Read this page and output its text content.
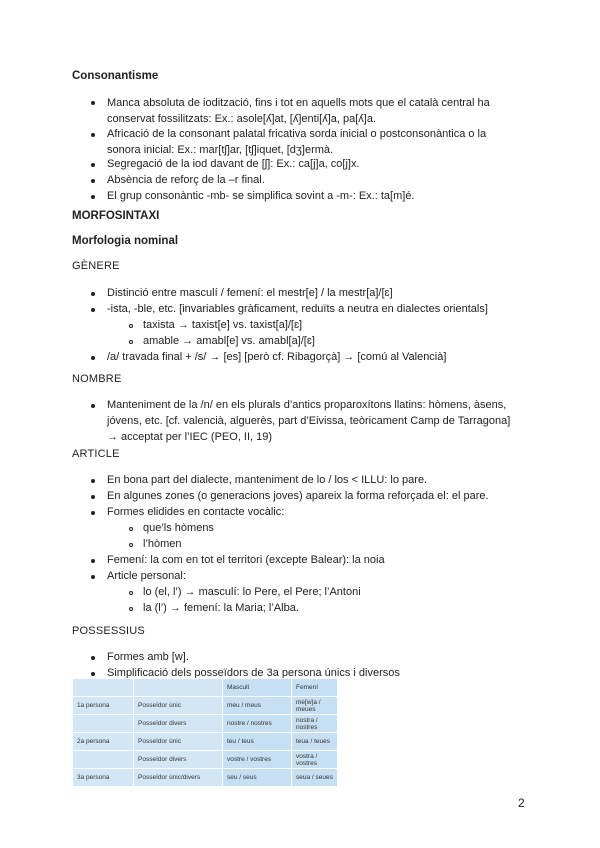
Consonantisme
Manca absoluta de iodització, fins i tot en aquells mots que el català central ha
conservat fossilitzats: Ex.: asole[ʎ]at, [ʎ]enti[ʎ]a, pa[ʎ]a.
Africació de la consonant palatal fricativa sorda inicial o postconsonàntica o la
sonora inicial: Ex.: mar[tʃ]ar, [tʃ]iquet, [dʒ]ermà.
Segregació de la iod davant de [ʃ]: Ex.: ca[j]a, co[j]x.
Absència de reforç de la –r final.
El grup consonàntic -mb- se simplifica sovint a -m-: Ex.: ta[m]é.
MORFOSINTAXI
Morfologia nominal
GÈNERE
Distinció entre masculí / femení: el mestr[e] / la mestr[a]/[ɛ]
-ista, -ble, etc. [invariables gràficament, reduïts a neutra en dialectes orientals]
taxista → taxist[e] vs. taxist[a]/[ɛ]
amable → amabl[e] vs. amabl[a]/[ɛ]
/a/ travada final + /s/ → [es] [però cf. Ribagorçà] → [comú al Valencià]
NOMBRE
Manteniment de la /n/ en els plurals d’antics proparoxítons llatins: hòmens, àsens,
jóvens, etc. [cf. valencià, alguerès, part d’Eivissa, teòricament Camp de Tarragona]
→ acceptat per l’IEC (PEO, II, 19)
ARTICLE
En bona part del dialecte, manteniment de lo / los < ILLU: lo pare.
En algunes zones (o generacions joves) apareix la forma reforçada el: el pare.
Formes elidides en contacte vocàlic:
que’ls hòmens
l’hòmen
Femení: la com en tot el territori (excepte Balear): la noia
Article personal:
lo (el, l’) → masculí: lo Pere, el Pere; l’Antoni
la (l’) → femení: la Maria; l’Alba.
POSSESSIUS
Formes amb [w].
Simplificació dels posseïdors de 3a persona únics i diversos
		Masculí	Femení
1a persona	Posseïdor únic	meu / meus	me[w]a / meues
	Posseïdor divers	nostre / nostres	nostra / nostres
2a persona	Posseïdor únic	teu / teus	teua / teues
	Posseïdor divers	vostre / vostres	vostra / vostres
3a persona	Posseïdor únic/divers	seu / seus	seua / seues
2
